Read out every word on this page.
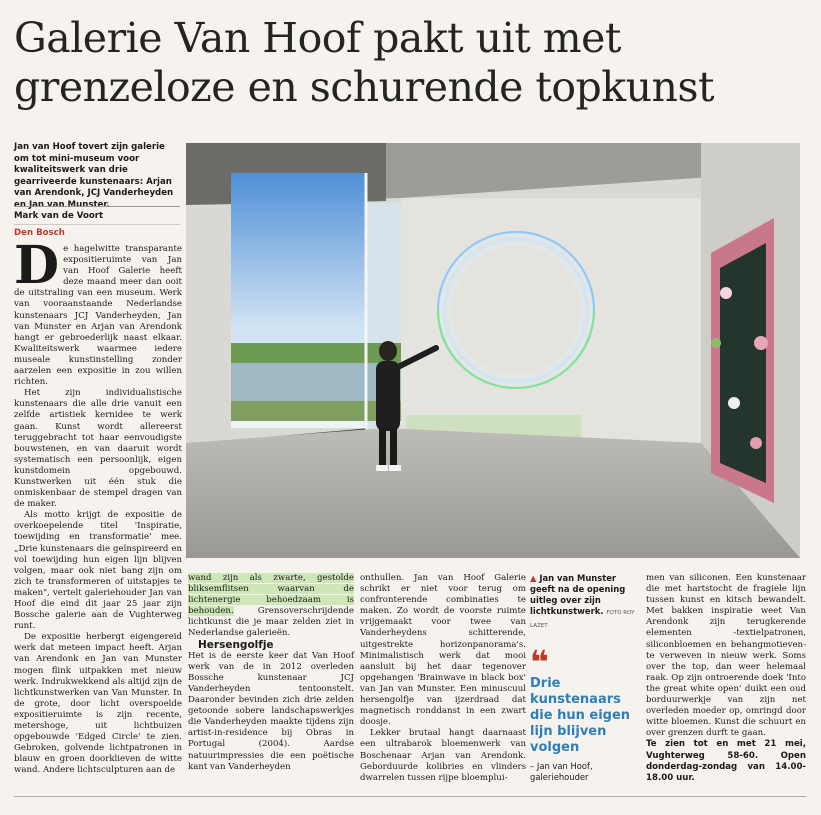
Galerie Van Hoof pakt uit met
grenzeloze en schurende topkunst
Jan van Hoof tovert zijn galerie om tot mini-museum voor kwaliteitswerk van drie gearriveerde kunstenaars: Arjan van Arendonk, JCJ Vanderheyden en Jan van Munster.
Mark van de Voort
Den Bosch
D e hagelwitte transparante expositieruimte van Jan van Hoof Galerie heeft deze maand meer dan ooit de uitstraling van een museum. Werk van vooraanstaande Nederlandse kunstenaars JCJ Vanderheyden, Jan van Munster en Arjan van Arendonk hangt er gebroederlijk naast elkaar. Kwaliteitswerk waarmee iedere museale kunstinstelling zonder aarzelen een expositie in zou willen richten.

Het zijn individualistische kunstenaars die alle drie vanuit een zelfde artistiek kernidee te werk gaan. Kunst wordt allereerst teruggebracht tot haar eenvoudigste bouwstenen, en van daaruit wordt systematisch een persoonlijk, eigen kunstdomein opgebouwd. Kunstwerken uit één stuk die onmiskenbaar de stempel dragen van de maker.

Als motto krijgt de expositie de overkoepelende titel 'Inspiratie, toewijding en transformatie' mee. „Drie kunstenaars die geïnspireerd en vol toewijding hun eigen lijn blijven volgen, maar ook niet bang zijn om zich te transformeren of uitstapjes te maken", vertelt galeriehouder Jan van Hoof die eind dit jaar 25 jaar zijn Bossche galerie aan de Vughterweg runt.

De expositie herbergt eigengereid werk dat meteen impact heeft. Arjan van Arendonk en Jan van Munster mogen flink uitpakken met nieuw werk. Indrukwekkend als altijd zijn de lichtkunstwerken van Van Munster. In de grote, door licht overspoelde expositieruimte is zijn recente, metershoge, uit lichtbuizen opgebouwde 'Edged Circle' te zien. Gebroken, golvende lichtpatronen in blauw en groen doorklieven de witte wand. Andere lichtsculpturen aan de

wand zijn als zwarte, gestolde bliksemflitsen waarvan de lichtenergie behoedzaam is behouden. Grensoverschrijdende lichtkunst die je maar zelden ziet in Nederlandse galerieën.

Hersengolfje

Het is de eerste keer dat Van Hoof werk van de in 2012 overleden Bossche kunstenaar JCJ Vanderheyden tentoonstelt. Daaronder bevinden zich drie zelden getoonde sobere landschapswerkjes die Vanderheyden maakte tijdens zijn artist-in-residence bij Obras in Portugal (2004). Aardse natuurimpressies die een poëtische kant van Vanderheyden

onthullen. Jan van Hoof Galerie schrikt er niet voor terug om confronterende combinaties te maken. Zo wordt de voorste ruimte vrijgemaakt voor twee van Vanderheydens schitterende, uitgestrekte horizonpanorama's. Minimalistisch werk dat mooi aansluit bij het daar tegenover opgehangen 'Brainwave in black box' van Jan van Munster. Een minuscuul hersengolfje van ijzerdraad dat magnetisch ronddanst in een zwart doosje.

Lekker brutaal hangt daarnaast een ultrabarok bloemenwerk van Boschenaar Arjan van Arendonk. Geborduurde kolibries en vlinders dwarrelen tussen rijpe bloemplui-

▲ Jan van Munster geeft na de opening uitleg over zijn lichtkunstwerk. FOTO ROY LAZET
❝
Drie kunstenaars die hun eigen lijn blijven volgen
– Jan van Hoof, galeriehouder

men van siliconen. Een kunstenaar die met hartstocht de fragiele lijn tussen kunst en kitsch bewandelt. Met bakken inspiratie weet Van Arendonk zijn terugkerende elementen -textielpatronen, siliconbloemen en behangmotieven- te verweven in nieuw werk. Soms over the top, dan weer helemaal raak. Op zijn ontroerende doek 'Into the great white open' duikt een oud borduurwerkje van zijn net overleden moeder op, omringd door witte bloemen. Kunst die schuurt en over grenzen durft te gaan.

Te zien tot en met 21 mei, Vughterweg 58-60. Open donderdag-zondag van 14.00-18.00 uur.
